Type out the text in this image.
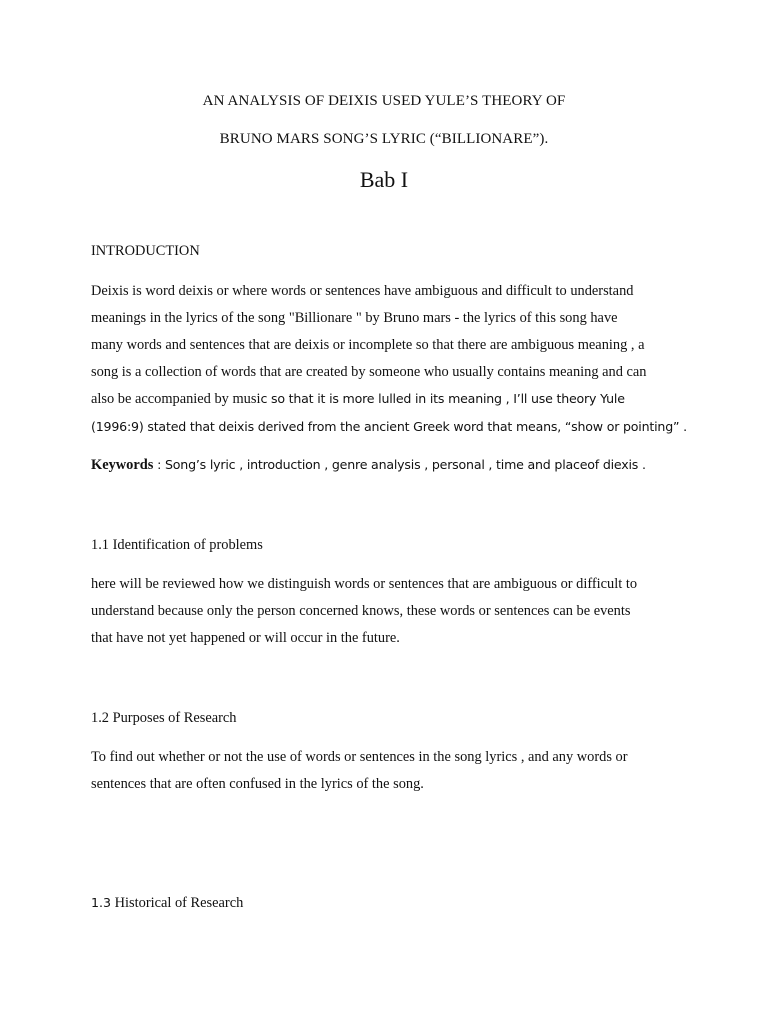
AN ANALYSIS OF DEIXIS USED YULE’S THEORY OF

BRUNO MARS SONG’S LYRIC (“BILLIONARE”).

Bab I

INTRODUCTION

Deixis is word deixis or where words or sentences have ambiguous and difficult to understand

meanings in the lyrics of the song "Billionare " by Bruno mars - the lyrics of this song have

many words and sentences that are deixis or incomplete so that there are ambiguous meaning , a

song is a collection of words that are created by someone who usually contains meaning and can

also be accompanied by music so that it is more lulled in its meaning , I’ll use theory Yule

(1996:9) stated that deixis derived from the ancient Greek word that means, “show or pointing” .

Keywords : Song’s lyric , introduction , genre analysis , personal , time and placeof diexis .

1.1 Identification of problems

here will be reviewed how we distinguish words or sentences that are ambiguous or difficult to

understand because only the person concerned knows, these words or sentences can be events

that have not yet happened or will occur in the future.

1.2 Purposes of Research

To find out whether or not the use of words or sentences in the song lyrics , and any words or

sentences that are often confused in the lyrics of the song.

1.3 Historical of Research
